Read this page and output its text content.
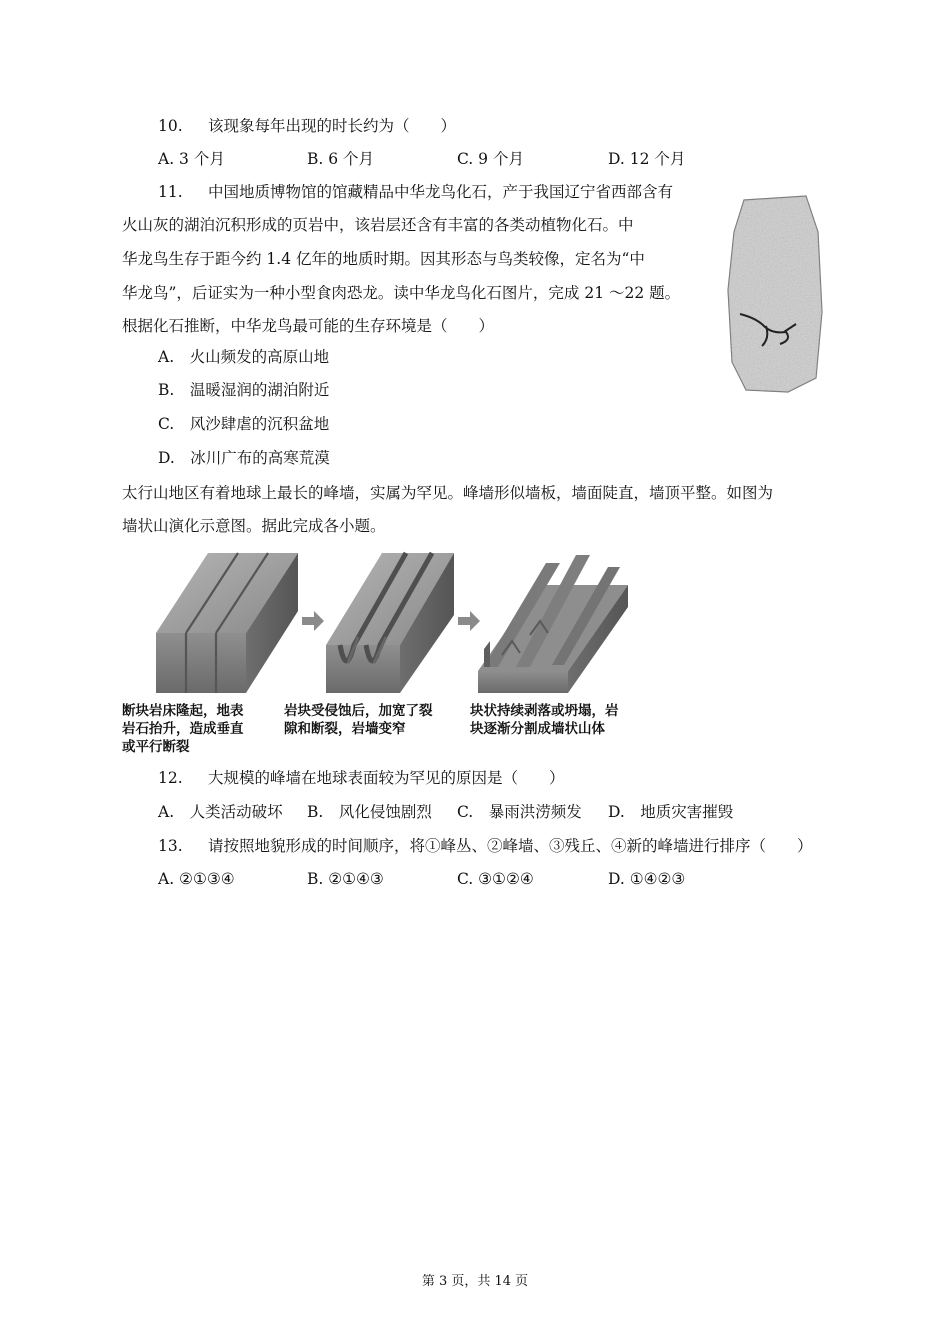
10. 该现象每年出现的时长约为（　　）
A. 3 个月	B. 6 个月	C. 9 个月	D. 12 个月
11. 中国地质博物馆的馆藏精品中华龙鸟化石，产于我国辽宁省西部含有
火山灰的湖泊沉积形成的页岩中，该岩层还含有丰富的各类动植物化石。中
华龙鸟生存于距今约 1.4 亿年的地质时期。因其形态与鸟类较像，定名为“中
华龙鸟”，后证实为一种小型食肉恐龙。读中华龙鸟化石图片，完成 21 ～22 题。
根据化石推断，中华龙鸟最可能的生存环境是（　　）
A.　火山频发的高原山地
B.　温暖湿润的湖泊附近
C.　风沙肆虐的沉积盆地
D.　冰川广布的高寒荒漠
太行山地区有着地球上最长的峰墙，实属为罕见。峰墙形似墙板，墙面陡直，墙顶平整。如图为
墙状山演化示意图。据此完成各小题。
断块岩床隆起，地表
岩石抬升，造成垂直
或平行断裂
岩块受侵蚀后，加宽了裂
隙和断裂，岩墙变窄
块状持续剥落或坍塌，岩
块逐渐分割成墙状山体
12. 大规模的峰墙在地球表面较为罕见的原因是（　　）
A.　人类活动破坏 B.　风化侵蚀剧烈 C.　暴雨洪涝频发 D.　地质灾害摧毁
13. 请按照地貌形成的时间顺序，将①峰丛、②峰墙、③残丘、④新的峰墙进行排序（　　）
A. ②①③④	B. ②①④③	C. ③①②④	D. ①④②③
第 3 页，共 14 页
